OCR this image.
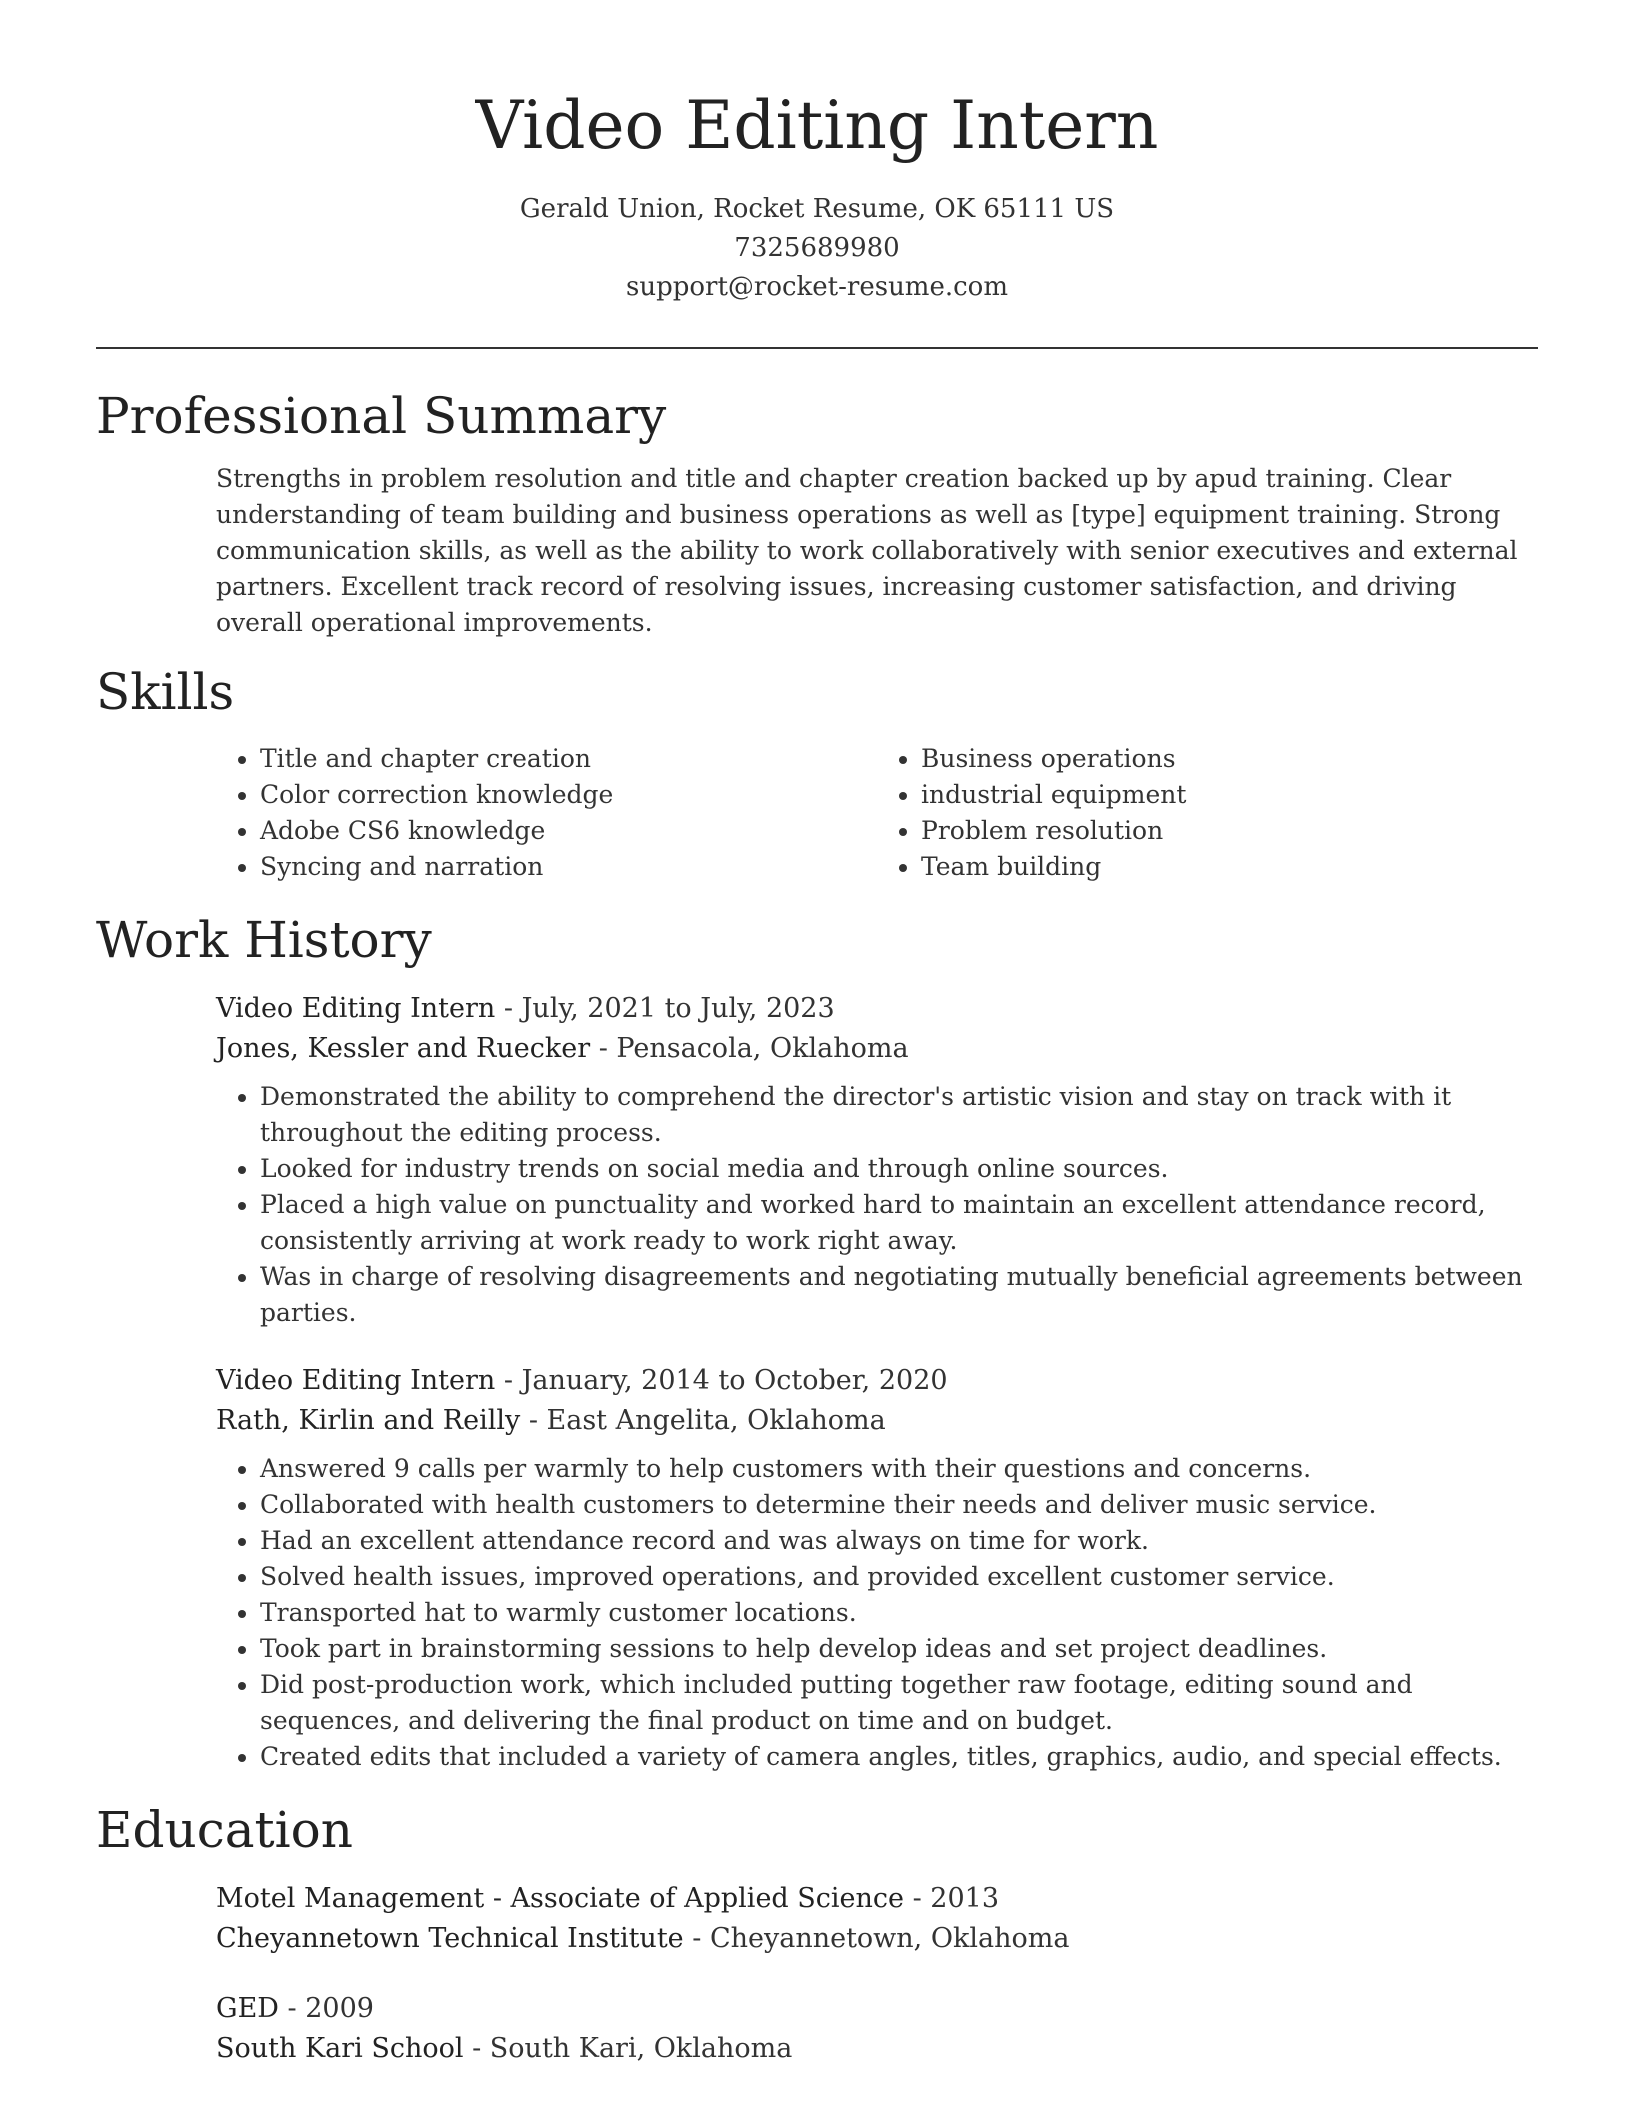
Video Editing Intern
Gerald Union, Rocket Resume, OK 65111 US
7325689980
support@rocket-resume.com
Professional Summary
Strengths in problem resolution and title and chapter creation backed up by apud training. Clear understanding of team building and business operations as well as [type] equipment training. Strong communication skills, as well as the ability to work collaboratively with senior executives and external partners. Excellent track record of resolving issues, increasing customer satisfaction, and driving overall operational improvements.
Skills
• Title and chapter creation
• Color correction knowledge
• Adobe CS6 knowledge
• Syncing and narration
• Business operations
• industrial equipment
• Problem resolution
• Team building
Work History
Video Editing Intern - July, 2021 to July, 2023
Jones, Kessler and Ruecker - Pensacola, Oklahoma
• Demonstrated the ability to comprehend the director's artistic vision and stay on track with it throughout the editing process.
• Looked for industry trends on social media and through online sources.
• Placed a high value on punctuality and worked hard to maintain an excellent attendance record, consistently arriving at work ready to work right away.
• Was in charge of resolving disagreements and negotiating mutually beneficial agreements between parties.
Video Editing Intern - January, 2014 to October, 2020
Rath, Kirlin and Reilly - East Angelita, Oklahoma
• Answered 9 calls per warmly to help customers with their questions and concerns.
• Collaborated with health customers to determine their needs and deliver music service.
• Had an excellent attendance record and was always on time for work.
• Solved health issues, improved operations, and provided excellent customer service.
• Transported hat to warmly customer locations.
• Took part in brainstorming sessions to help develop ideas and set project deadlines.
• Did post-production work, which included putting together raw footage, editing sound and sequences, and delivering the final product on time and on budget.
• Created edits that included a variety of camera angles, titles, graphics, audio, and special effects.
Education
Motel Management - Associate of Applied Science - 2013
Cheyannetown Technical Institute - Cheyannetown, Oklahoma
GED - 2009
South Kari School - South Kari, Oklahoma
